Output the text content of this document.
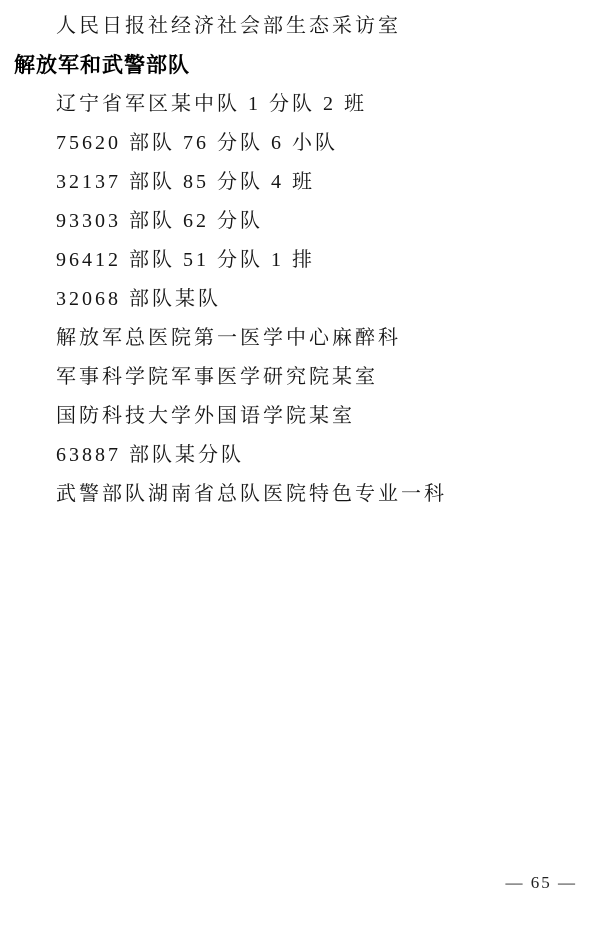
人民日报社经济社会部生态采访室
解放军和武警部队
辽宁省军区某中队 1 分队 2 班
75620 部队 76 分队 6 小队
32137 部队 85 分队 4 班
93303 部队 62 分队
96412 部队 51 分队 1 排
32068 部队某队
解放军总医院第一医学中心麻醉科
军事科学院军事医学研究院某室
国防科技大学外国语学院某室
63887 部队某分队
武警部队湖南省总队医院特色专业一科
— 65 —
